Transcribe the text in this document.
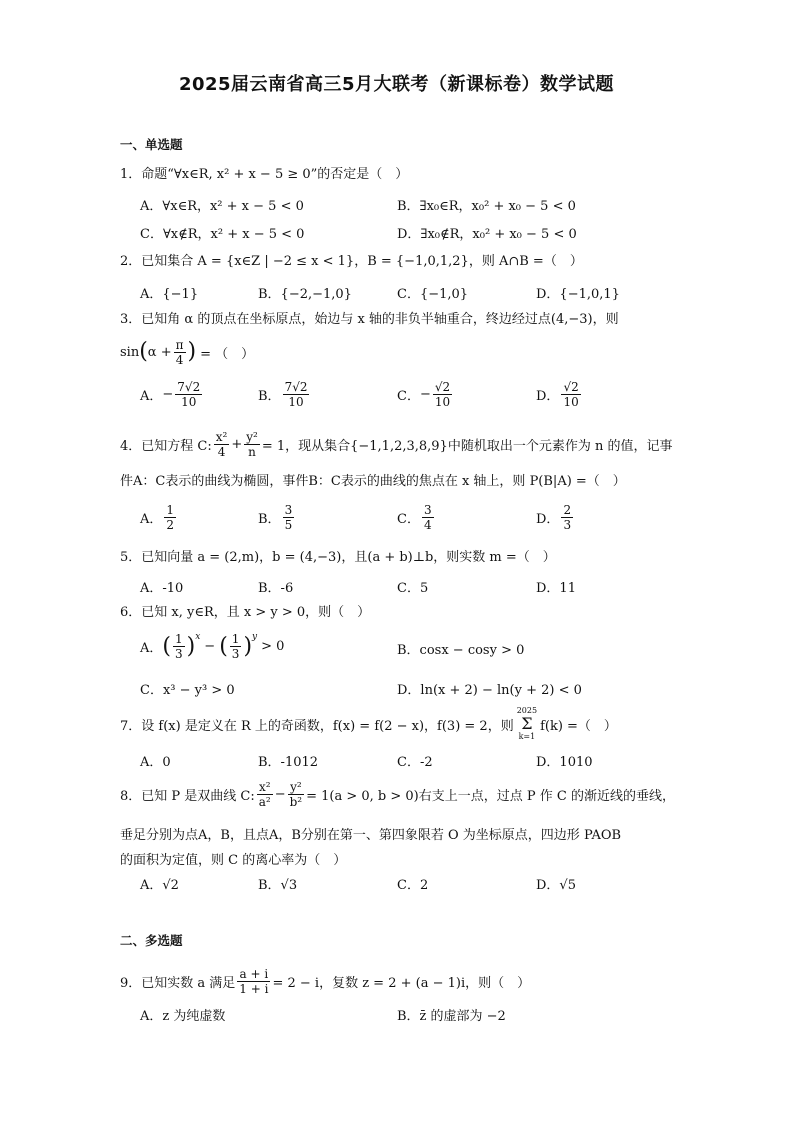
2025届云南省高三5月大联考（新课标卷）数学试题
一、单选题
1．命题“∀x∈R, x² + x − 5 ≥ 0”的否定是（　）
A．∀x∈R，x² + x − 5 < 0	B．∃x₀∈R，x₀² + x₀ − 5 < 0
C．∀x∉R，x² + x − 5 < 0	D．∃x₀∉R，x₀² + x₀ − 5 < 0
2．已知集合 A = {x∈Z | −2 ≤ x < 1}，B = {−1,0,1,2}，则 A∩B =（　）
A．{−1}	B．{−2,−1,0}	C．{−1,0}	D．{−1,0,1}
3．已知角 α 的顶点在坐标原点，始边与 x 轴的非负半轴重合，终边经过点(4,−3)，则
sin ( $\alpha + \frac{\pi}{4}$ ) = （　）
A． − $\frac{7√2}{10}$	B． $\frac{7√2}{10}$	C． − $\frac{√2}{10}$	D． $\frac{√2}{10}$
4．已知方程 C: $\frac{\text{x²}}{4} + \frac{\text{y²}}{n} = 1$，现从集合{−1,1,2,3,8,9}中随机取出一个元素作为 n 的值，记事
件A：C表示的曲线为椭圆，事件B：C表示的曲线的焦点在 x 轴上，则 P(B|A) =（　）
A． $\frac{1}{2}$	B． $\frac{3}{5}$	C． $\frac{3}{4}$	D． $\frac{2}{3}$
5．已知向量 a = (2,m)，b = (4,−3)，且(a + b)⊥b，则实数 m =（　）
A．-10	B．-6	C．5	D．11
6．已知 x, y∈R，且 x > y > 0，则（　）
A． ( $\frac{1}{3}$ ) x
− ( $\frac{1}{3}$ ) y
> 0	B．cosx − cosy > 0
C．x³ − y³ > 0	D．ln(x + 2) − ln(y + 2) < 0
7．设 f(x) 是定义在 R 上的奇函数，f(x) = f(2 − x)，f(3) = 2，则
2025
Σ
k=1
f(k) =（　）
A．0	B．-1012	C．-2	D．1010
8．已知 P 是双曲线 C: $\frac{\text{x²}}{\text{a²}} - \frac{\text{y²}}{\text{b²}} = 1(a > 0$, b > 0)右支上一点，过点 P 作 C 的渐近线的垂线，
垂足分别为点A，B，且点A，B分别在第一、第四象限若 O 为坐标原点，四边形 PAOB
的面积为定值，则 C 的离心率为（　）
A．√2	B．√3	C．2	D．√5
二、多选题
9．已知实数 a 满足 $\frac{a + i}{1 + i} = 2 - i$，复数 z = 2 + (a − 1)i，则（　）
A．z 为纯虚数	B．z̄ 的虚部为 −2
